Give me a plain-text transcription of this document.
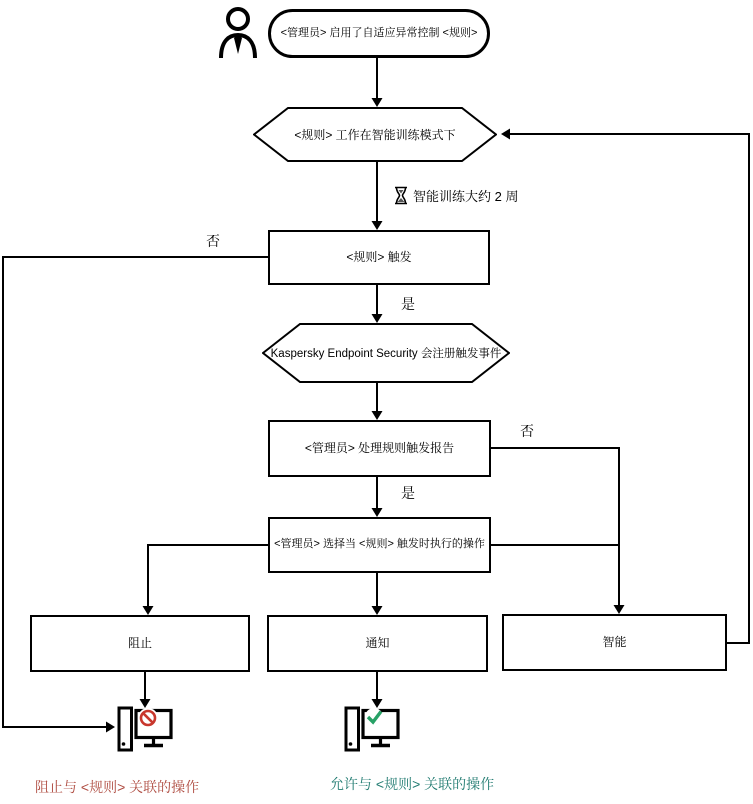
<管理员> 启用了自适应异常控制 <规则>
<规则> 工作在智能训练模式下
智能训练大约 2 周
<规则> 触发
否
是
否
是
Kaspersky Endpoint Security 会注册触发事件
<管理员> 处理规则触发报告
<管理员> 选择当 <规则> 触发时执行的操作
阻止	通知	智能
阻止与 <规则> 关联的操作	允许与 <规则> 关联的操作
